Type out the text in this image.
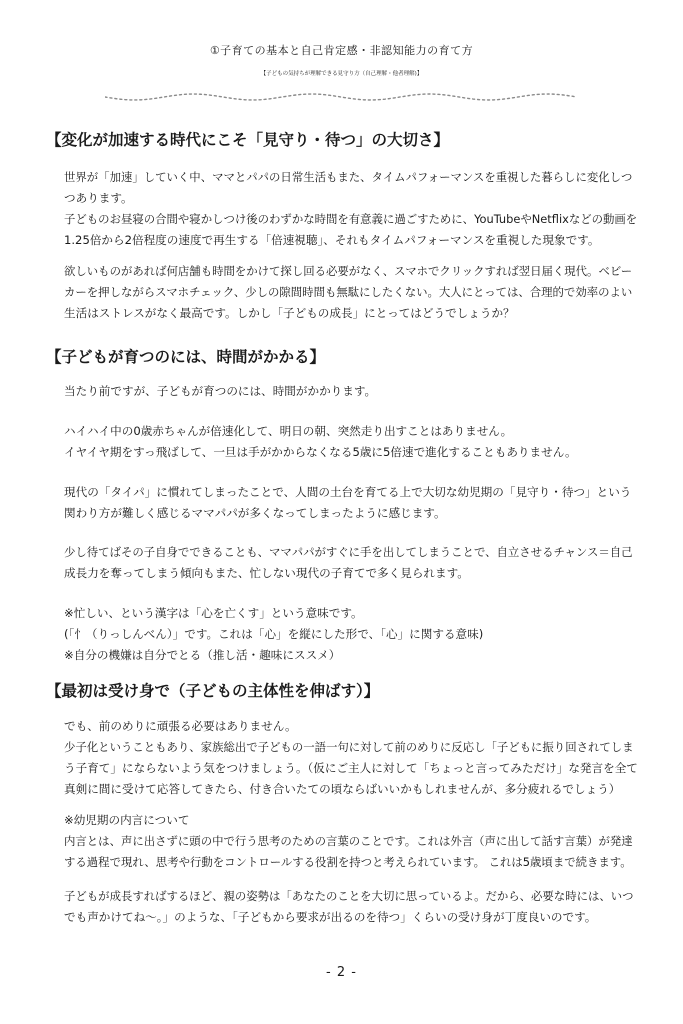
①子育ての基本と自己肯定感・非認知能力の育て方

【子どもの気持ちが理解できる見守り方（自己理解・他者理解)】

【変化が加速する時代にこそ「見守り・待つ」の大切さ】
世界が「加速」していく中、ママとパパの日常生活もまた、タイムパフォーマンスを重視した暮らしに変化しつ
つあります。
子どものお昼寝の合間や寝かしつけ後のわずかな時間を有意義に過ごすために、YouTubeやNetflixなどの動画を
1.25倍から2倍程度の速度で再生する「倍速視聴」、それもタイムパフォーマンスを重視した現象です。
欲しいものがあれば何店舗も時間をかけて探し回る必要がなく、スマホでクリックすれば翌日届く現代。ベビー
カーを押しながらスマホチェック、少しの隙間時間も無駄にしたくない。大人にとっては、合理的で効率のよい
生活はストレスがなく最高です。しかし「子どもの成長」にとってはどうでしょうか？
【子どもが育つのには、時間がかかる】
当たり前ですが、子どもが育つのには、時間がかかります。
ハイハイ中の0歳赤ちゃんが倍速化して、明日の朝、突然走り出すことはありません。
イヤイヤ期をすっ飛ばして、一旦は手がかからなくなる5歳に5倍速で進化することもありません。
現代の「タイパ」に慣れてしまったことで、人間の土台を育てる上で大切な幼児期の「見守り・待つ」という
関わり方が難しく感じるママパパが多くなってしまったように感じます。
少し待てばその子自身でできることも、ママパパがすぐに手を出してしまうことで、自立させるチャンス＝自己
成長力を奪ってしまう傾向もまた、忙しない現代の子育てで多く見られます。
※忙しい、という漢字は「心を亡くす」という意味です。
(「忄（りっしんべん）」です。これは「心」を縦にした形で、「心」に関する意味)
※自分の機嫌は自分でとる（推し活・趣味にススメ）
【最初は受け身で（子どもの主体性を伸ばす）】
でも、前のめりに頑張る必要はありません。
少子化ということもあり、家族総出で子どもの一語一句に対して前のめりに反応し「子どもに振り回されてしま
う子育て」にならないよう気をつけましょう。（仮にご主人に対して「ちょっと言ってみただけ」な発言を全て
真剣に間に受けて応答してきたら、付き合いたての頃ならばいいかもしれませんが、多分疲れるでしょう）
※幼児期の内言について
内言とは、声に出さずに頭の中で行う思考のための言葉のことです。これは外言（声に出して話す言葉）が発達
する過程で現れ、思考や行動をコントロールする役割を持つと考えられています。 これは5歳頃まで続きます。
子どもが成長すればするほど、親の姿勢は「あなたのことを大切に思っているよ。だから、必要な時には、いつ
でも声かけてね〜。」のような、「子どもから要求が出るのを待つ」くらいの受け身が丁度良いのです。

- 2 -
